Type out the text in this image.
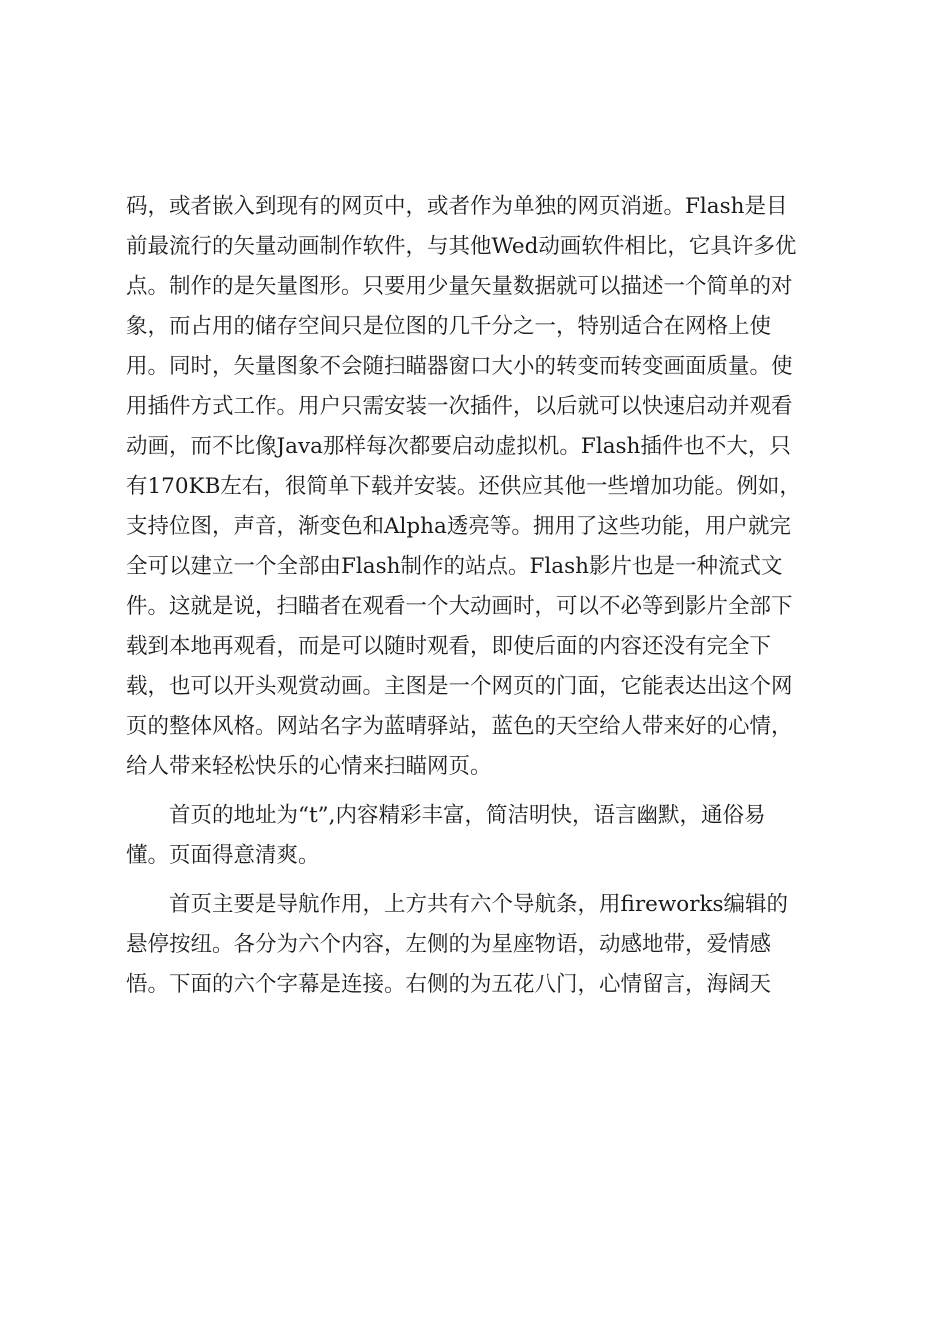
码，或者嵌入到现有的网页中，或者作为单独的网页消逝。Flash是目
前最流行的矢量动画制作软件，与其他Wed动画软件相比，它具许多优
点。制作的是矢量图形。只要用少量矢量数据就可以描述一个简单的对
象，而占用的储存空间只是位图的几千分之一，特别适合在网格上使
用。同时，矢量图象不会随扫瞄器窗口大小的转变而转变画面质量。使
用插件方式工作。用户只需安装一次插件，以后就可以快速启动并观看
动画，而不比像Java那样每次都要启动虚拟机。Flash插件也不大，只
有170KB左右，很简单下载并安装。还供应其他一些增加功能。例如，
支持位图，声音，渐变色和Alpha透亮等。拥用了这些功能，用户就完
全可以建立一个全部由Flash制作的站点。Flash影片也是一种流式文
件。这就是说，扫瞄者在观看一个大动画时，可以不必等到影片全部下
载到本地再观看，而是可以随时观看，即使后面的内容还没有完全下
载，也可以开头观赏动画。主图是一个网页的门面，它能表达出这个网
页的整体风格。网站名字为蓝晴驿站，蓝色的天空给人带来好的心情，
给人带来轻松快乐的心情来扫瞄网页。

　　首页的地址为“t”,内容精彩丰富，简洁明快，语言幽默，通俗易
懂。页面得意清爽。

　　首页主要是导航作用，上方共有六个导航条，用fireworks编辑的
悬停按纽。各分为六个内容，左侧的为星座物语，动感地带，爱情感
悟。下面的六个字幕是连接。右侧的为五花八门，心情留言，海阔天
